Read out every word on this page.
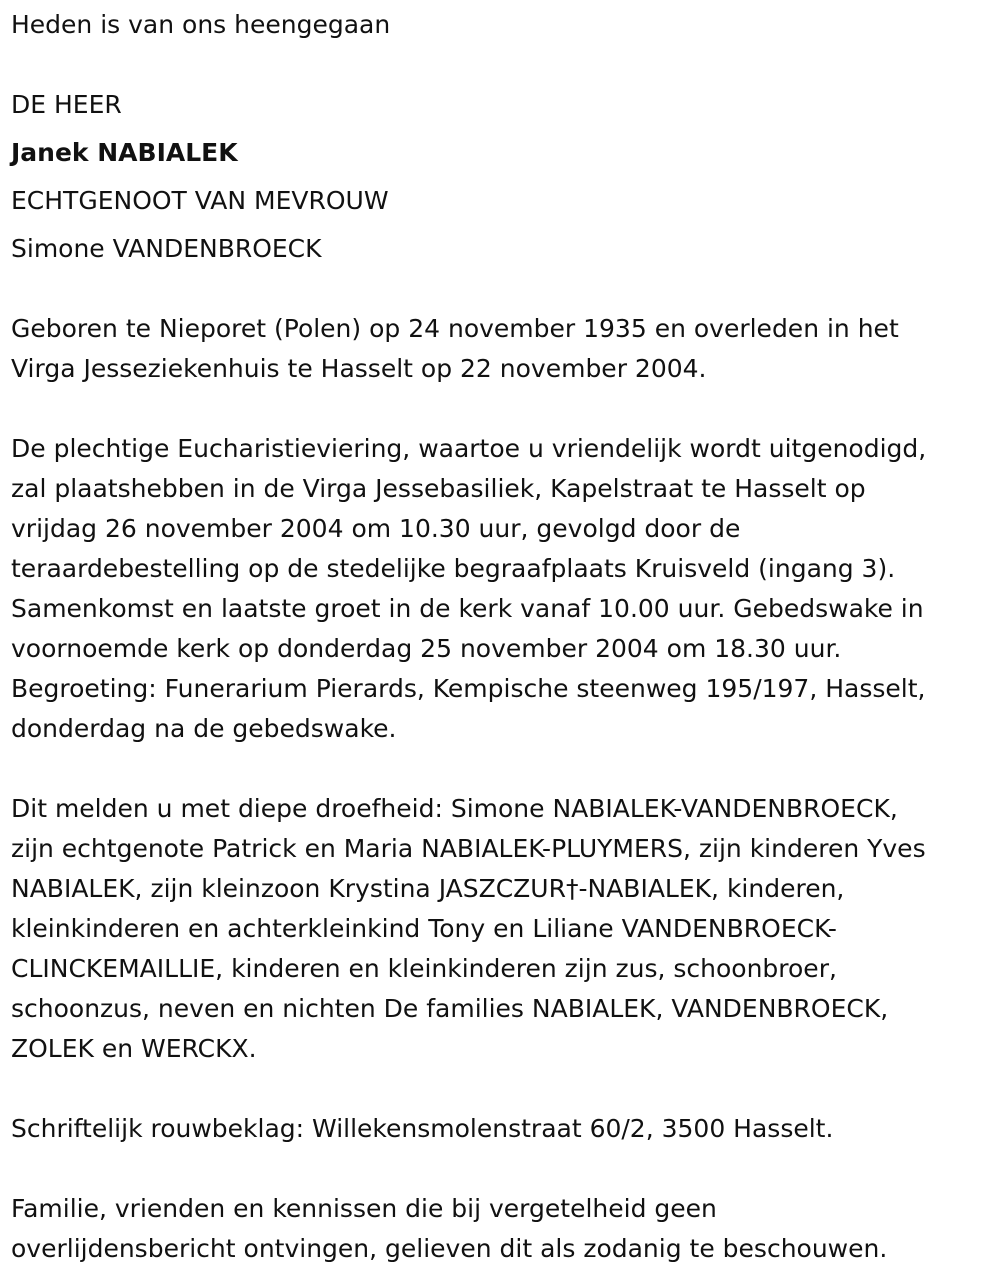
Heden is van ons heengegaan
DE HEER
Janek NABIALEK
ECHTGENOOT VAN MEVROUW
Simone VANDENBROECK
Geboren te Nieporet (Polen) op 24 november 1935 en overleden in het
Virga Jesseziekenhuis te Hasselt op 22 november 2004.
De plechtige Eucharistieviering, waartoe u vriendelijk wordt uitgenodigd,
zal plaatshebben in de Virga Jessebasiliek, Kapelstraat te Hasselt op
vrijdag 26 november 2004 om 10.30 uur, gevolgd door de
teraardebestelling op de stedelijke begraafplaats Kruisveld (ingang 3).
Samenkomst en laatste groet in de kerk vanaf 10.00 uur. Gebedswake in
voornoemde kerk op donderdag 25 november 2004 om 18.30 uur.
Begroeting: Funerarium Pierards, Kempische steenweg 195/197, Hasselt,
donderdag na de gebedswake.
Dit melden u met diepe droefheid: Simone NABIALEK-VANDENBROECK,
zijn echtgenote Patrick en Maria NABIALEK-PLUYMERS, zijn kinderen Yves
NABIALEK, zijn kleinzoon Krystina JASZCZUR†-NABIALEK, kinderen,
kleinkinderen en achterkleinkind Tony en Liliane VANDENBROECK-
CLINCKEMAILLIE, kinderen en kleinkinderen zijn zus, schoonbroer,
schoonzus, neven en nichten De families NABIALEK, VANDENBROECK,
ZOLEK en WERCKX.
Schriftelijk rouwbeklag: Willekensmolenstraat 60/2, 3500 Hasselt.
Familie, vrienden en kennissen die bij vergetelheid geen
overlijdensbericht ontvingen, gelieven dit als zodanig te beschouwen.
